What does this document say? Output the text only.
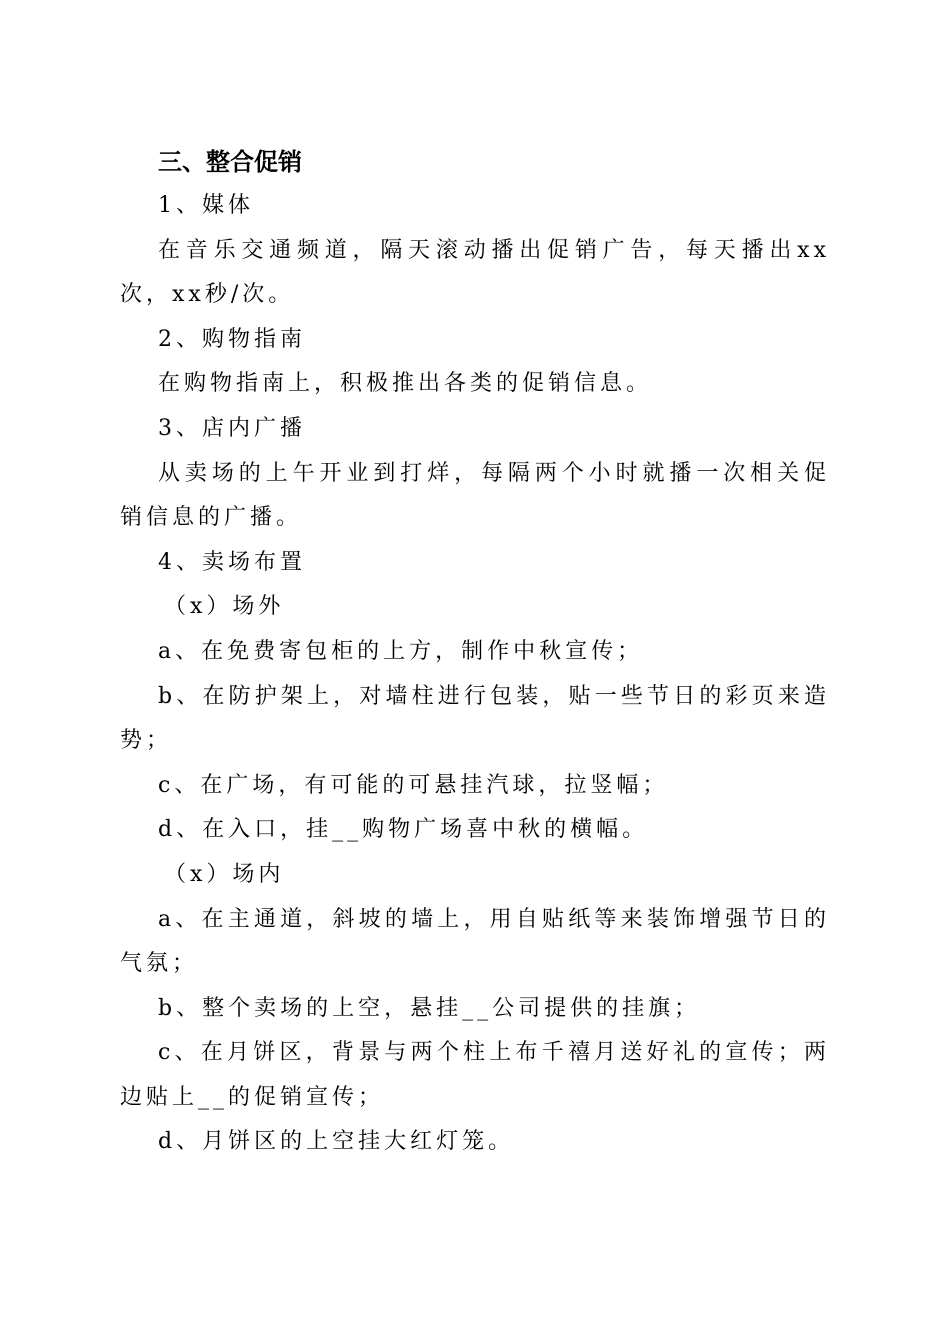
三、整合促销

1、媒体

在音乐交通频道，隔天滚动播出促销广告，每天播出xx次，xx秒/次。

2、购物指南

在购物指南上，积极推出各类的促销信息。

3、店内广播

从卖场的上午开业到打烊，每隔两个小时就播一次相关促销信息的广播。

4、卖场布置

（x）场外

a、在免费寄包柜的上方，制作中秋宣传；

b、在防护架上，对墙柱进行包装，贴一些节日的彩页来造势；

c、在广场，有可能的可悬挂汽球，拉竖幅；

d、在入口，挂__购物广场喜中秋的横幅。

（x）场内

a、在主通道，斜坡的墙上，用自贴纸等来装饰增强节日的气氛；

b、整个卖场的上空，悬挂__公司提供的挂旗；

c、在月饼区，背景与两个柱上布千禧月送好礼的宣传；两边贴上__的促销宣传；

d、月饼区的上空挂大红灯笼。
